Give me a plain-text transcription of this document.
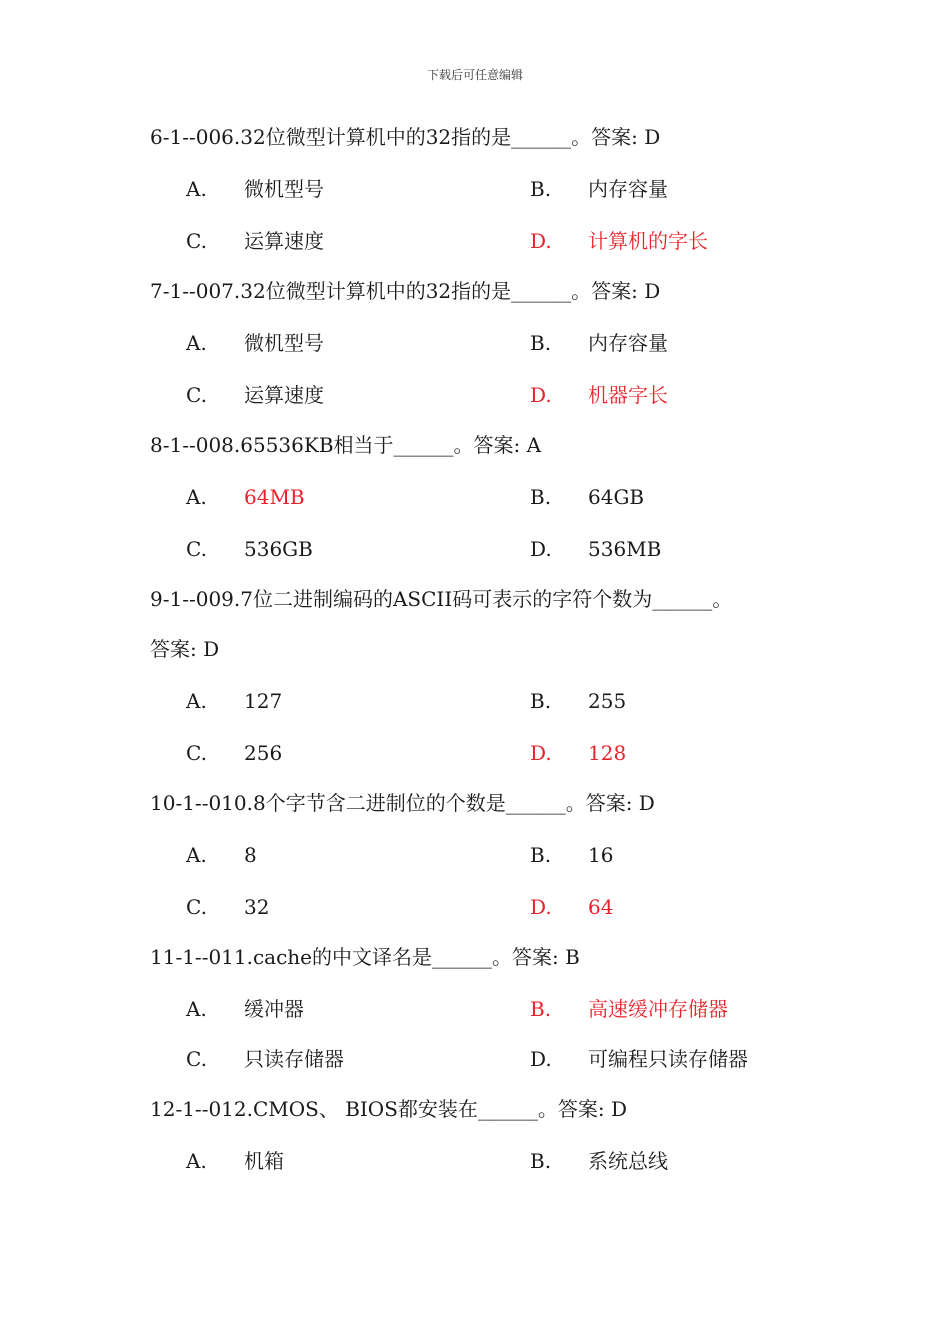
下载后可任意编辑
6-1--006.32位微型计算机中的32指的是______。答案: D
A. 微机型号	B. 内存容量
C. 运算速度	D. 计算机的字长
7-1--007.32位微型计算机中的32指的是______。答案: D
A. 微机型号	B. 内存容量
C. 运算速度	D. 机器字长
8-1--008.65536KB相当于______。答案: A
A. 64MB	B. 64GB
C. 536GB	D. 536MB
9-1--009.7位二进制编码的ASCII码可表示的字符个数为______。
答案: D
A. 127	B. 255
C. 256	D. 128
10-1--010.8个字节含二进制位的个数是______。答案: D
A. 8	B. 16
C. 32	D. 64
11-1--011.cache的中文译名是______。答案: B
A. 缓冲器	B. 高速缓冲存储器
C. 只读存储器	D. 可编程只读存储器
12-1--012.CMOS、 BIOS都安装在______。答案: D
A. 机箱	B. 系统总线
